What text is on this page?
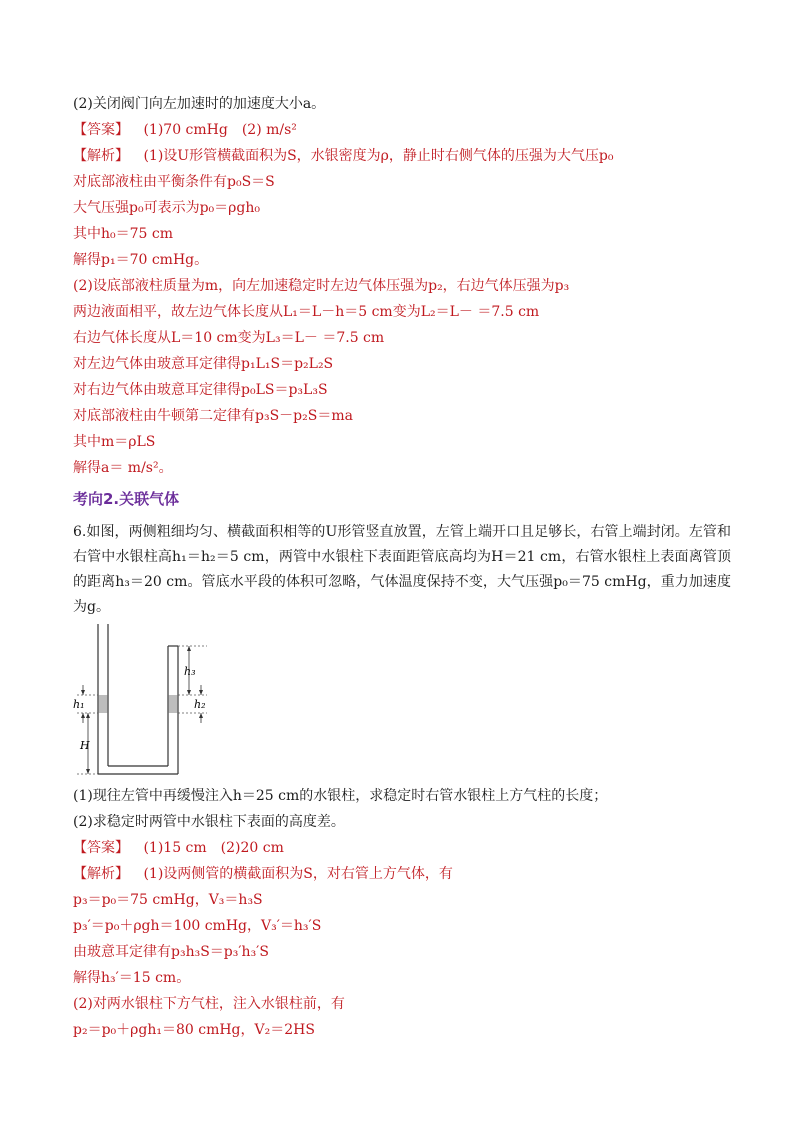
(2)关闭阀门向左加速时的加速度大小a。
【答案】 (1)70 cmHg　(2) m/s²
【解析】 (1)设U形管横截面积为S，水银密度为ρ，静止时右侧气体的压强为大气压p₀
对底部液柱由平衡条件有p₀S＝S
大气压强p₀可表示为p₀＝ρgh₀
其中h₀＝75 cm
解得p₁＝70 cmHg。
(2)设底部液柱质量为m，向左加速稳定时左边气体压强为p₂，右边气体压强为p₃
两边液面相平，故左边气体长度从L₁＝L－h＝5 cm变为L₂＝L－ ＝7.5 cm
右边气体长度从L＝10 cm变为L₃＝L－ ＝7.5 cm
对左边气体由玻意耳定律得p₁L₁S＝p₂L₂S
对右边气体由玻意耳定律得p₀LS＝p₃L₃S
对底部液柱由牛顿第二定律有p₃S－p₂S＝ma
其中m＝ρLS
解得a＝ m/s²。
考向2.关联气体
6.如图，两侧粗细均匀、横截面积相等的U形管竖直放置，左管上端开口且足够长，右管上端封闭。左管和右管中水银柱高h₁＝h₂＝5 cm，两管中水银柱下表面距管底高均为H＝21 cm，右管水银柱上表面离管顶的距离h₃＝20 cm。管底水平段的体积可忽略，气体温度保持不变，大气压强p₀＝75 cmHg，重力加速度为g。
h₁
H
h₃
h₂
(1)现往左管中再缓慢注入h＝25 cm的水银柱，求稳定时右管水银柱上方气柱的长度；
(2)求稳定时两管中水银柱下表面的高度差。
【答案】 (1)15 cm　(2)20 cm
【解析】 (1)设两侧管的横截面积为S，对右管上方气体，有
p₃＝p₀＝75 cmHg，V₃＝h₃S
p₃′＝p₀＋ρgh＝100 cmHg，V₃′＝h₃′S
由玻意耳定律有p₃h₃S＝p₃′h₃′S
解得h₃′＝15 cm。
(2)对两水银柱下方气柱，注入水银柱前，有
p₂＝p₀＋ρgh₁＝80 cmHg，V₂＝2HS
